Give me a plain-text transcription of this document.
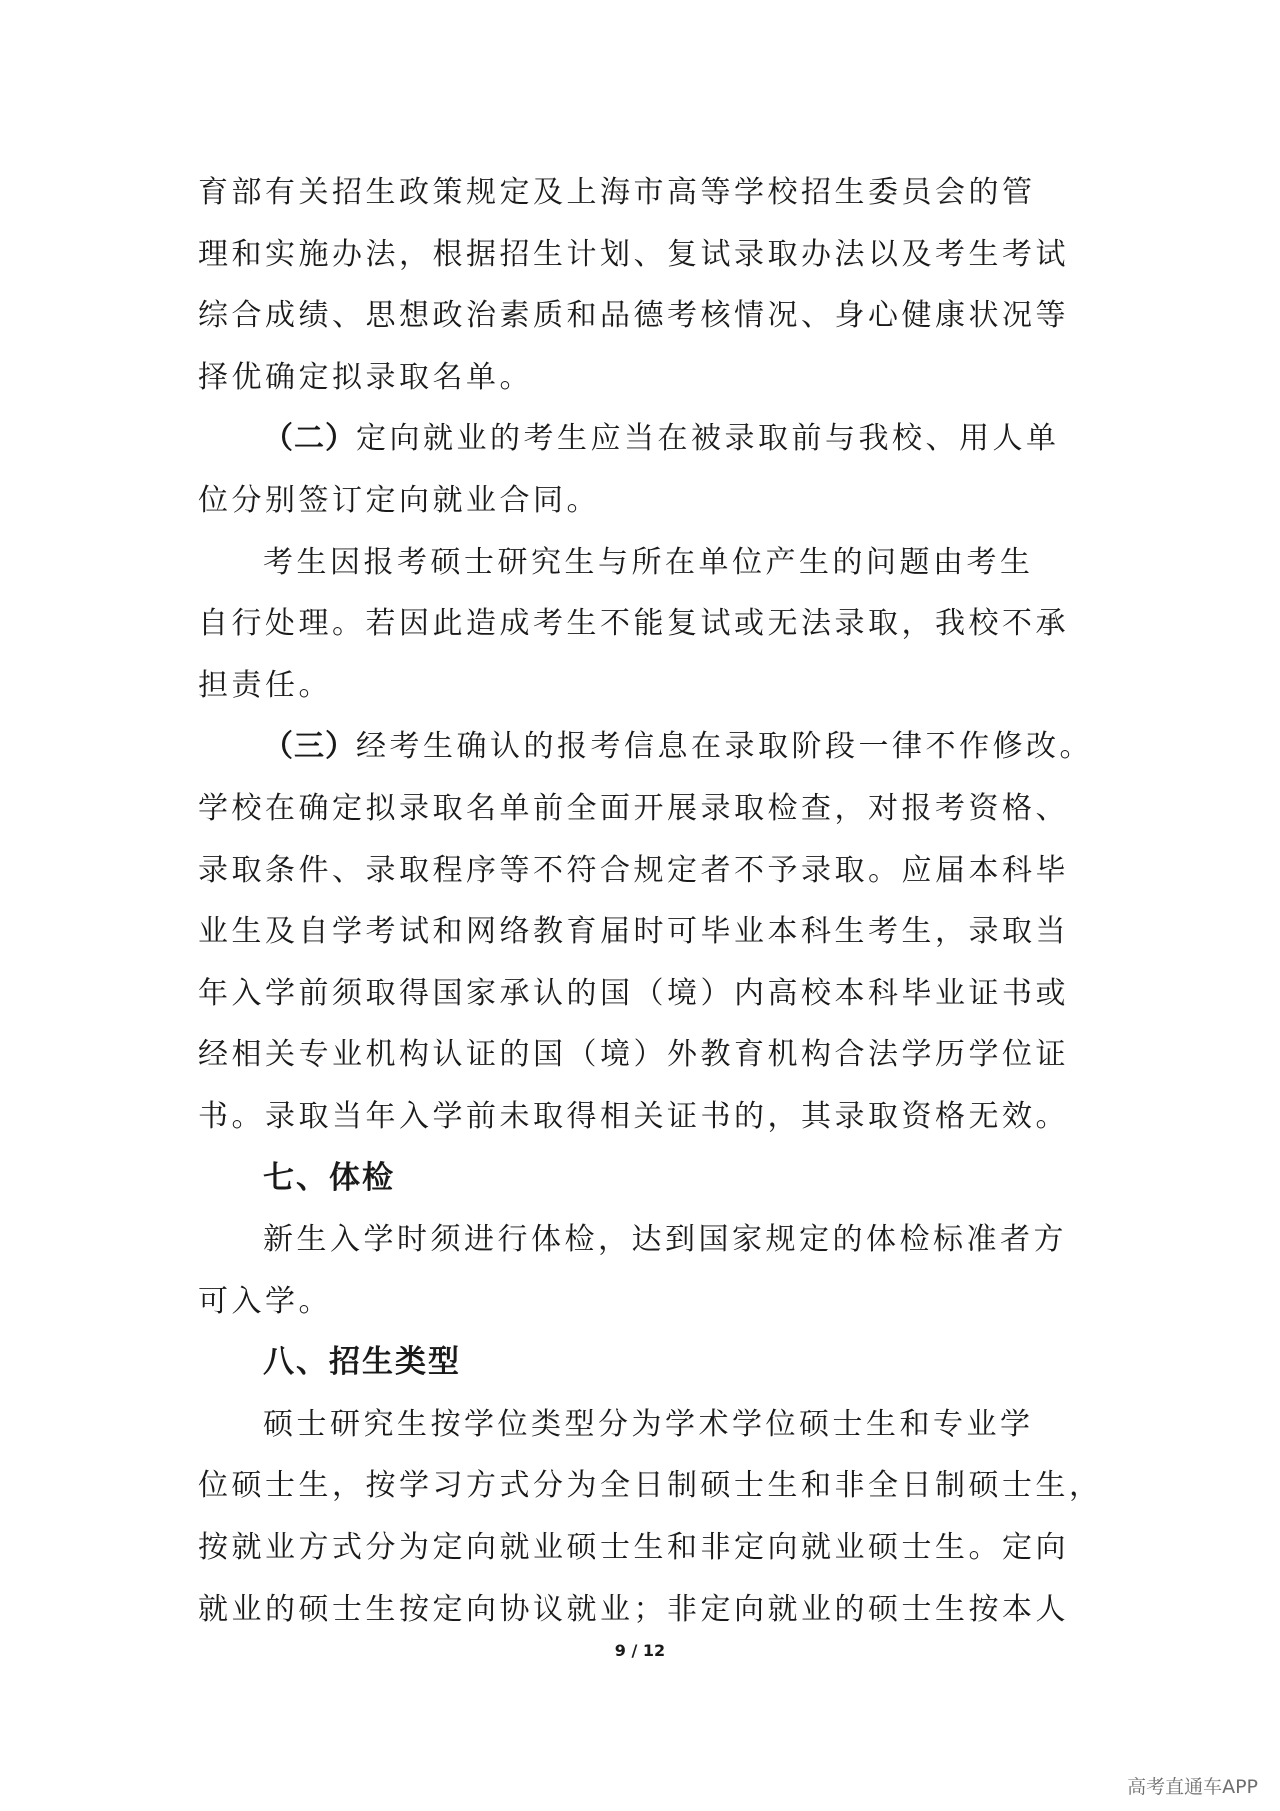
育部有关招生政策规定及上海市高等学校招生委员会的管
理和实施办法，根据招生计划、复试录取办法以及考生考试
综合成绩、思想政治素质和品德考核情况、身心健康状况等
择优确定拟录取名单。
（二）定向就业的考生应当在被录取前与我校、用人单
位分别签订定向就业合同。
考生因报考硕士研究生与所在单位产生的问题由考生
自行处理。若因此造成考生不能复试或无法录取，我校不承
担责任。
（三）经考生确认的报考信息在录取阶段一律不作修改。
学校在确定拟录取名单前全面开展录取检查，对报考资格、
录取条件、录取程序等不符合规定者不予录取。应届本科毕
业生及自学考试和网络教育届时可毕业本科生考生，录取当
年入学前须取得国家承认的国（境）内高校本科毕业证书或
经相关专业机构认证的国（境）外教育机构合法学历学位证
书。录取当年入学前未取得相关证书的，其录取资格无效。
七、体检
新生入学时须进行体检，达到国家规定的体检标准者方
可入学。
八、招生类型
硕士研究生按学位类型分为学术学位硕士生和专业学
位硕士生，按学习方式分为全日制硕士生和非全日制硕士生，
按就业方式分为定向就业硕士生和非定向就业硕士生。定向
就业的硕士生按定向协议就业；非定向就业的硕士生按本人
9 / 12
高考直通车APP
